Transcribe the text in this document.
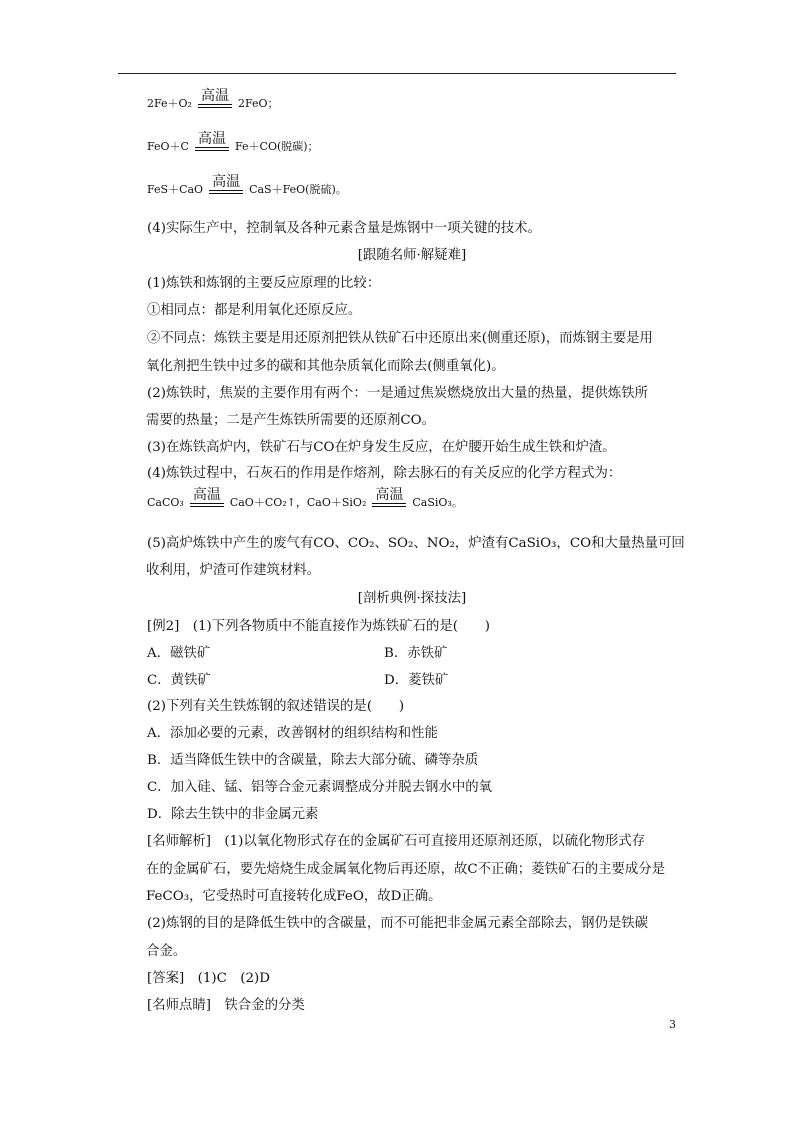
2Fe＋O₂ 高温 2FeO；
FeO＋C 高温 Fe＋CO(脱碳)；
FeS＋CaO 高温 CaS＋FeO(脱硫)。
(4)实际生产中，控制氧及各种元素含量是炼钢中一项关键的技术。
[跟随名师·解疑难]
(1)炼铁和炼钢的主要反应原理的比较：
①相同点：都是利用氧化还原反应。
②不同点：炼铁主要是用还原剂把铁从铁矿石中还原出来(侧重还原)，而炼钢主要是用
氧化剂把生铁中过多的碳和其他杂质氧化而除去(侧重氧化)。
(2)炼铁时，焦炭的主要作用有两个：一是通过焦炭燃烧放出大量的热量，提供炼铁所
需要的热量；二是产生炼铁所需要的还原剂CO。
(3)在炼铁高炉内，铁矿石与CO在炉身发生反应，在炉腰开始生成生铁和炉渣。
(4)炼铁过程中，石灰石的作用是作熔剂，除去脉石的有关反应的化学方程式为：
CaCO₃ 高温 CaO＋CO₂↑，CaO＋SiO₂ 高温 CaSiO₃。
(5)高炉炼铁中产生的废气有CO、CO₂、SO₂、NO₂，炉渣有CaSiO₃，CO和大量热量可回
收利用，炉渣可作建筑材料。
[剖析典例·探技法]
[例2]　(1)下列各物质中不能直接作为炼铁矿石的是(　　)
A．磁铁矿	B．赤铁矿
C．黄铁矿	D．菱铁矿
(2)下列有关生铁炼钢的叙述错误的是(　　)
A．添加必要的元素，改善钢材的组织结构和性能
B．适当降低生铁中的含碳量，除去大部分硫、磷等杂质
C．加入硅、锰、铝等合金元素调整成分并脱去钢水中的氧
D．除去生铁中的非金属元素
[名师解析]　(1)以氧化物形式存在的金属矿石可直接用还原剂还原，以硫化物形式存
在的金属矿石，要先焙烧生成金属氧化物后再还原，故C不正确；菱铁矿石的主要成分是
FeCO₃，它受热时可直接转化成FeO，故D正确。
(2)炼钢的目的是降低生铁中的含碳量，而不可能把非金属元素全部除去，钢仍是铁碳
合金。
[答案]　(1)C　(2)D
[名师点睛]　铁合金的分类
3
